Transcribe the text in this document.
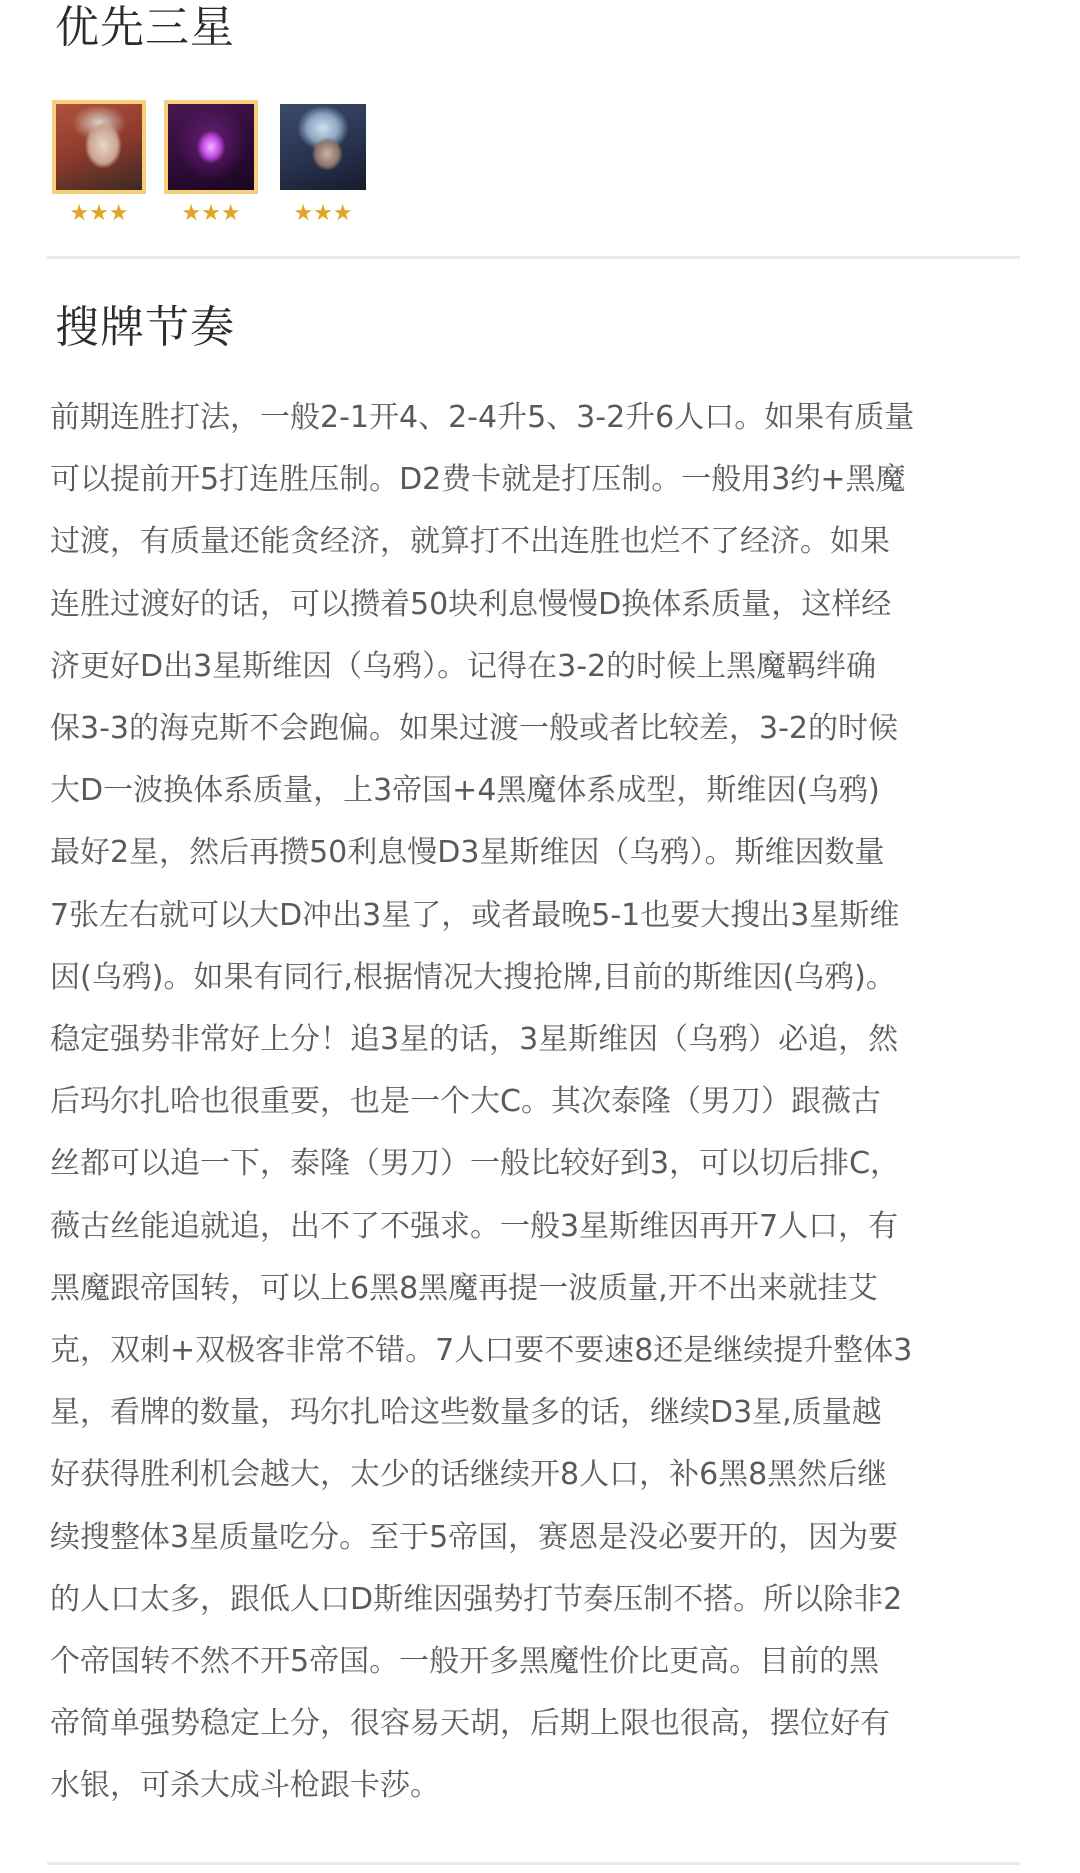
优先三星
★ ★ ★ ★ ★ ★ ★ ★ ★
搜牌节奏
前期连胜打法，一般2-1开4、2-4升5、3-2升6人口。如果有质量
可以提前开5打连胜压制。D2费卡就是打压制。一般用3约+黑魔
过渡，有质量还能贪经济，就算打不出连胜也烂不了经济。如果
连胜过渡好的话，可以攒着50块利息慢慢D换体系质量，这样经
济更好D出3星斯维因（乌鸦）。记得在3-2的时候上黑魔羁绊确
保3-3的海克斯不会跑偏。如果过渡一般或者比较差，3-2的时候
大D一波换体系质量，上3帝国+4黑魔体系成型，斯维因(乌鸦)
最好2星，然后再攒50利息慢D3星斯维因（乌鸦）。斯维因数量
7张左右就可以大D冲出3星了，或者最晚5-1也要大搜出3星斯维
因(乌鸦)。如果有同行,根据情况大搜抢牌,目前的斯维因(乌鸦)。
稳定强势非常好上分！追3星的话，3星斯维因（乌鸦）必追，然
后玛尔扎哈也很重要，也是一个大C。其次泰隆（男刀）跟薇古
丝都可以追一下，泰隆（男刀）一般比较好到3，可以切后排C，
薇古丝能追就追，出不了不强求。一般3星斯维因再开7人口，有
黑魔跟帝国转，可以上6黑8黑魔再提一波质量,开不出来就挂艾
克，双刺+双极客非常不错。7人口要不要速8还是继续提升整体3
星，看牌的数量，玛尔扎哈这些数量多的话，继续D3星,质量越
好获得胜利机会越大，太少的话继续开8人口，补6黑8黑然后继
续搜整体3星质量吃分。至于5帝国，赛恩是没必要开的，因为要
的人口太多，跟低人口D斯维因强势打节奏压制不搭。所以除非2
个帝国转不然不开5帝国。一般开多黑魔性价比更高。目前的黑
帝简单强势稳定上分，很容易天胡，后期上限也很高，摆位好有
水银，可杀大成斗枪跟卡莎。
